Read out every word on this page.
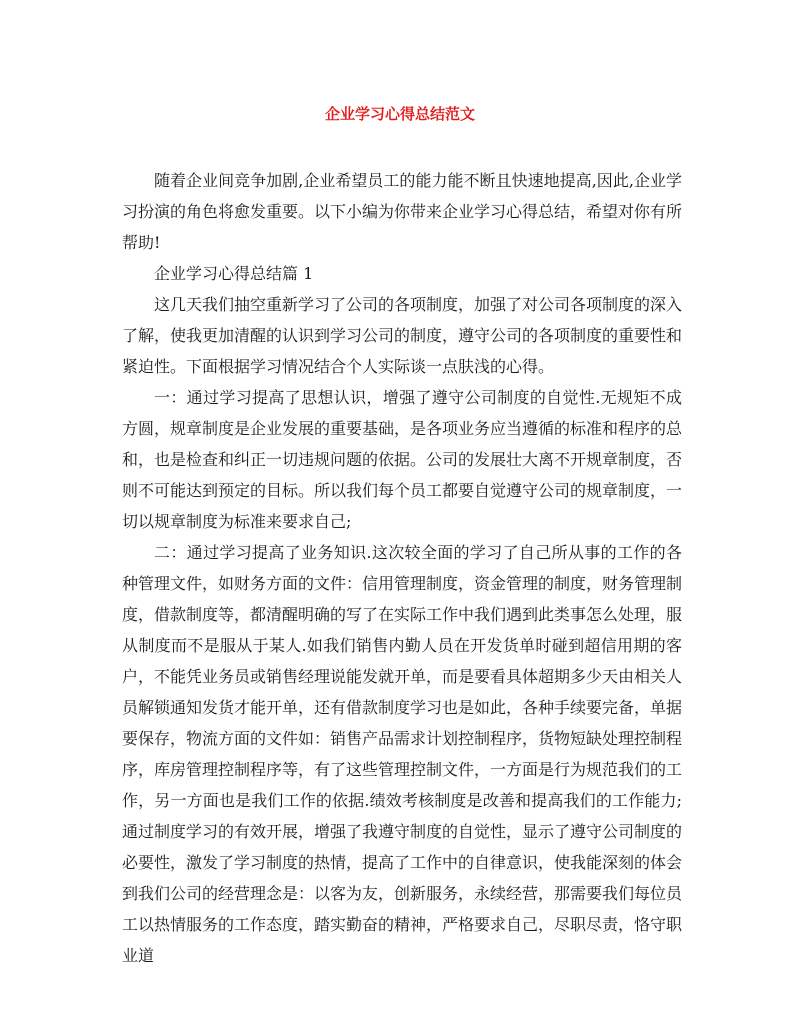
企业学习心得总结范文

随着企业间竞争加剧,企业希望员工的能力能不断且快速地提高,因此,企业学习扮演的角色将愈发重要。以下小编为你带来企业学习心得总结，希望对你有所帮助!

企业学习心得总结篇 1

这几天我们抽空重新学习了公司的各项制度，加强了对公司各项制度的深入了解，使我更加清醒的认识到学习公司的制度，遵守公司的各项制度的重要性和紧迫性。下面根据学习情况结合个人实际谈一点肤浅的心得。

一：通过学习提高了思想认识，增强了遵守公司制度的自觉性.无规矩不成方圆，规章制度是企业发展的重要基础，是各项业务应当遵循的标准和程序的总和，也是检查和纠正一切违规问题的依据。公司的发展壮大离不开规章制度，否则不可能达到预定的目标。所以我们每个员工都要自觉遵守公司的规章制度，一切以规章制度为标准来要求自己;

二：通过学习提高了业务知识.这次较全面的学习了自己所从事的工作的各种管理文件，如财务方面的文件：信用管理制度，资金管理的制度，财务管理制度，借款制度等，都清醒明确的写了在实际工作中我们遇到此类事怎么处理，服从制度而不是服从于某人.如我们销售内勤人员在开发货单时碰到超信用期的客户，不能凭业务员或销售经理说能发就开单，而是要看具体超期多少天由相关人员解锁通知发货才能开单，还有借款制度学习也是如此，各种手续要完备，单据要保存，物流方面的文件如：销售产品需求计划控制程序，货物短缺处理控制程序，库房管理控制程序等，有了这些管理控制文件，一方面是行为规范我们的工作，另一方面也是我们工作的依据.绩效考核制度是改善和提高我们的工作能力;通过制度学习的有效开展，增强了我遵守制度的自觉性，显示了遵守公司制度的必要性，激发了学习制度的热情，提高了工作中的自律意识，使我能深刻的体会到我们公司的经营理念是：以客为友，创新服务，永续经营，那需要我们每位员工以热情服务的工作态度，踏实勤奋的精神，严格要求自己，尽职尽责，恪守职业道
